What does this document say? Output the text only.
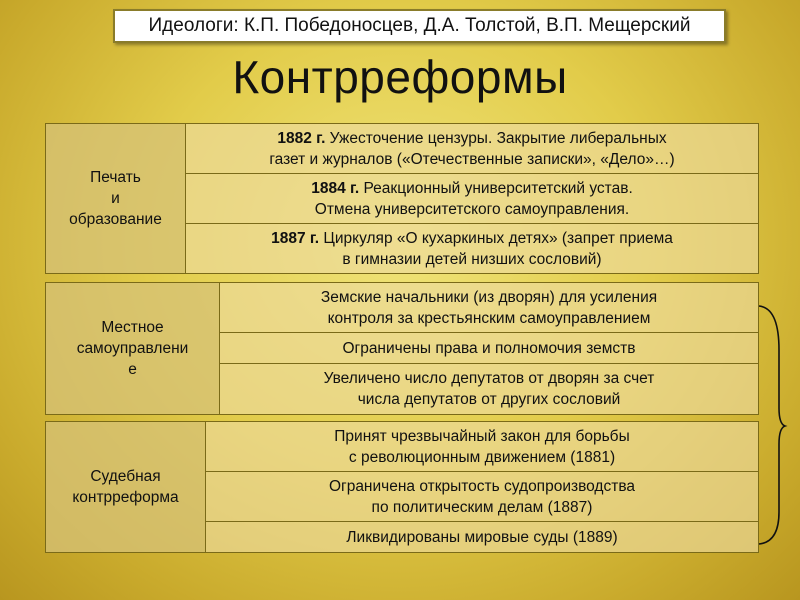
Идеологи: К.П. Победоносцев, Д.А. Толстой, В.П. Мещерский
Контрреформы
Печать
и
образование
	1882 г. Ужесточение цензуры. Закрытие либеральных
газет и журналов («Отечественные записки», «Дело»…)

1884 г. Реакционный университетский устав.
Отмена университетского самоуправления.

1887 г. Циркуляр «О кухаркиных детях» (запрет приема
в гимназии детей низших сословий)
Местное
самоуправлени
е

Земские начальники (из дворян) для усиления
контроля за крестьянским самоуправлением

Ограничены права и полномочия земств

Увеличено число депутатов от дворян за счет
числа депутатов от других сословий
Судебная
контрреформа

Принят чрезвычайный закон для борьбы
с революционным движением (1881)

Ограничена открытость судопроизводства
по политическим делам (1887)

Ликвидированы мировые суды (1889)
